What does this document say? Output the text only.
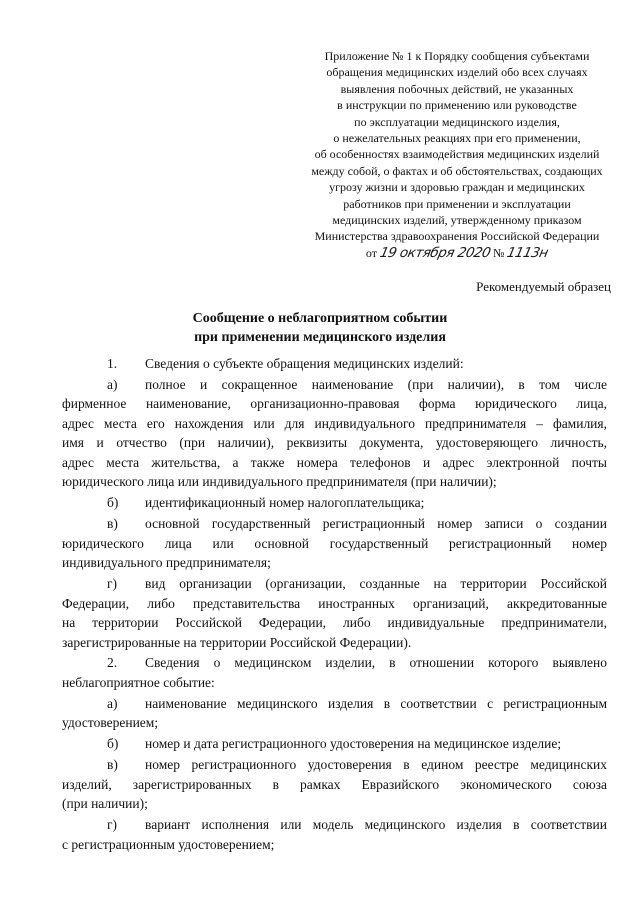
Приложение № 1 к Порядку сообщения субъектами
обращения медицинских изделий обо всех случаях
выявления побочных действий, не указанных
в инструкции по применению или руководстве
по эксплуатации медицинского изделия,
о нежелательных реакциях при его применении,
об особенностях взаимодействия медицинских изделий
между собой, о фактах и об обстоятельствах, создающих
угрозу жизни и здоровью граждан и медицинских
работников при применении и эксплуатации
медицинских изделий, утвержденному приказом
Министерства здравоохранения Российской Федерации
от 19 октября 2020 № 1113н
Рекомендуемый образец
Сообщение о неблагоприятном событии
при применении медицинского изделия
1. Сведения о субъекте обращения медицинских изделий:
а) полное и сокращенное наименование (при наличии), в том числе
фирменное наименование, организационно-правовая форма юридического лица,
адрес места его нахождения или для индивидуального предпринимателя – фамилия,
имя и отчество (при наличии), реквизиты документа, удостоверяющего личность,
адрес места жительства, а также номера телефонов и адрес электронной почты
юридического лица или индивидуального предпринимателя (при наличии);
б) идентификационный номер налогоплательщика;
в) основной государственный регистрационный номер записи о создании
юридического лица или основной государственный регистрационный номер
индивидуального предпринимателя;
г) вид организации (организации, созданные на территории Российской
Федерации, либо представительства иностранных организаций, аккредитованные
на территории Российской Федерации, либо индивидуальные предприниматели,
зарегистрированные на территории Российской Федерации).
2. Сведения о медицинском изделии, в отношении которого выявлено
неблагоприятное событие:
а) наименование медицинского изделия в соответствии с регистрационным
удостоверением;
б) номер и дата регистрационного удостоверения на медицинское изделие;
в) номер регистрационного удостоверения в едином реестре медицинских
изделий, зарегистрированных в рамках Евразийского экономического союза
(при наличии);
г) вариант исполнения или модель медицинского изделия в соответствии
с регистрационным удостоверением;
